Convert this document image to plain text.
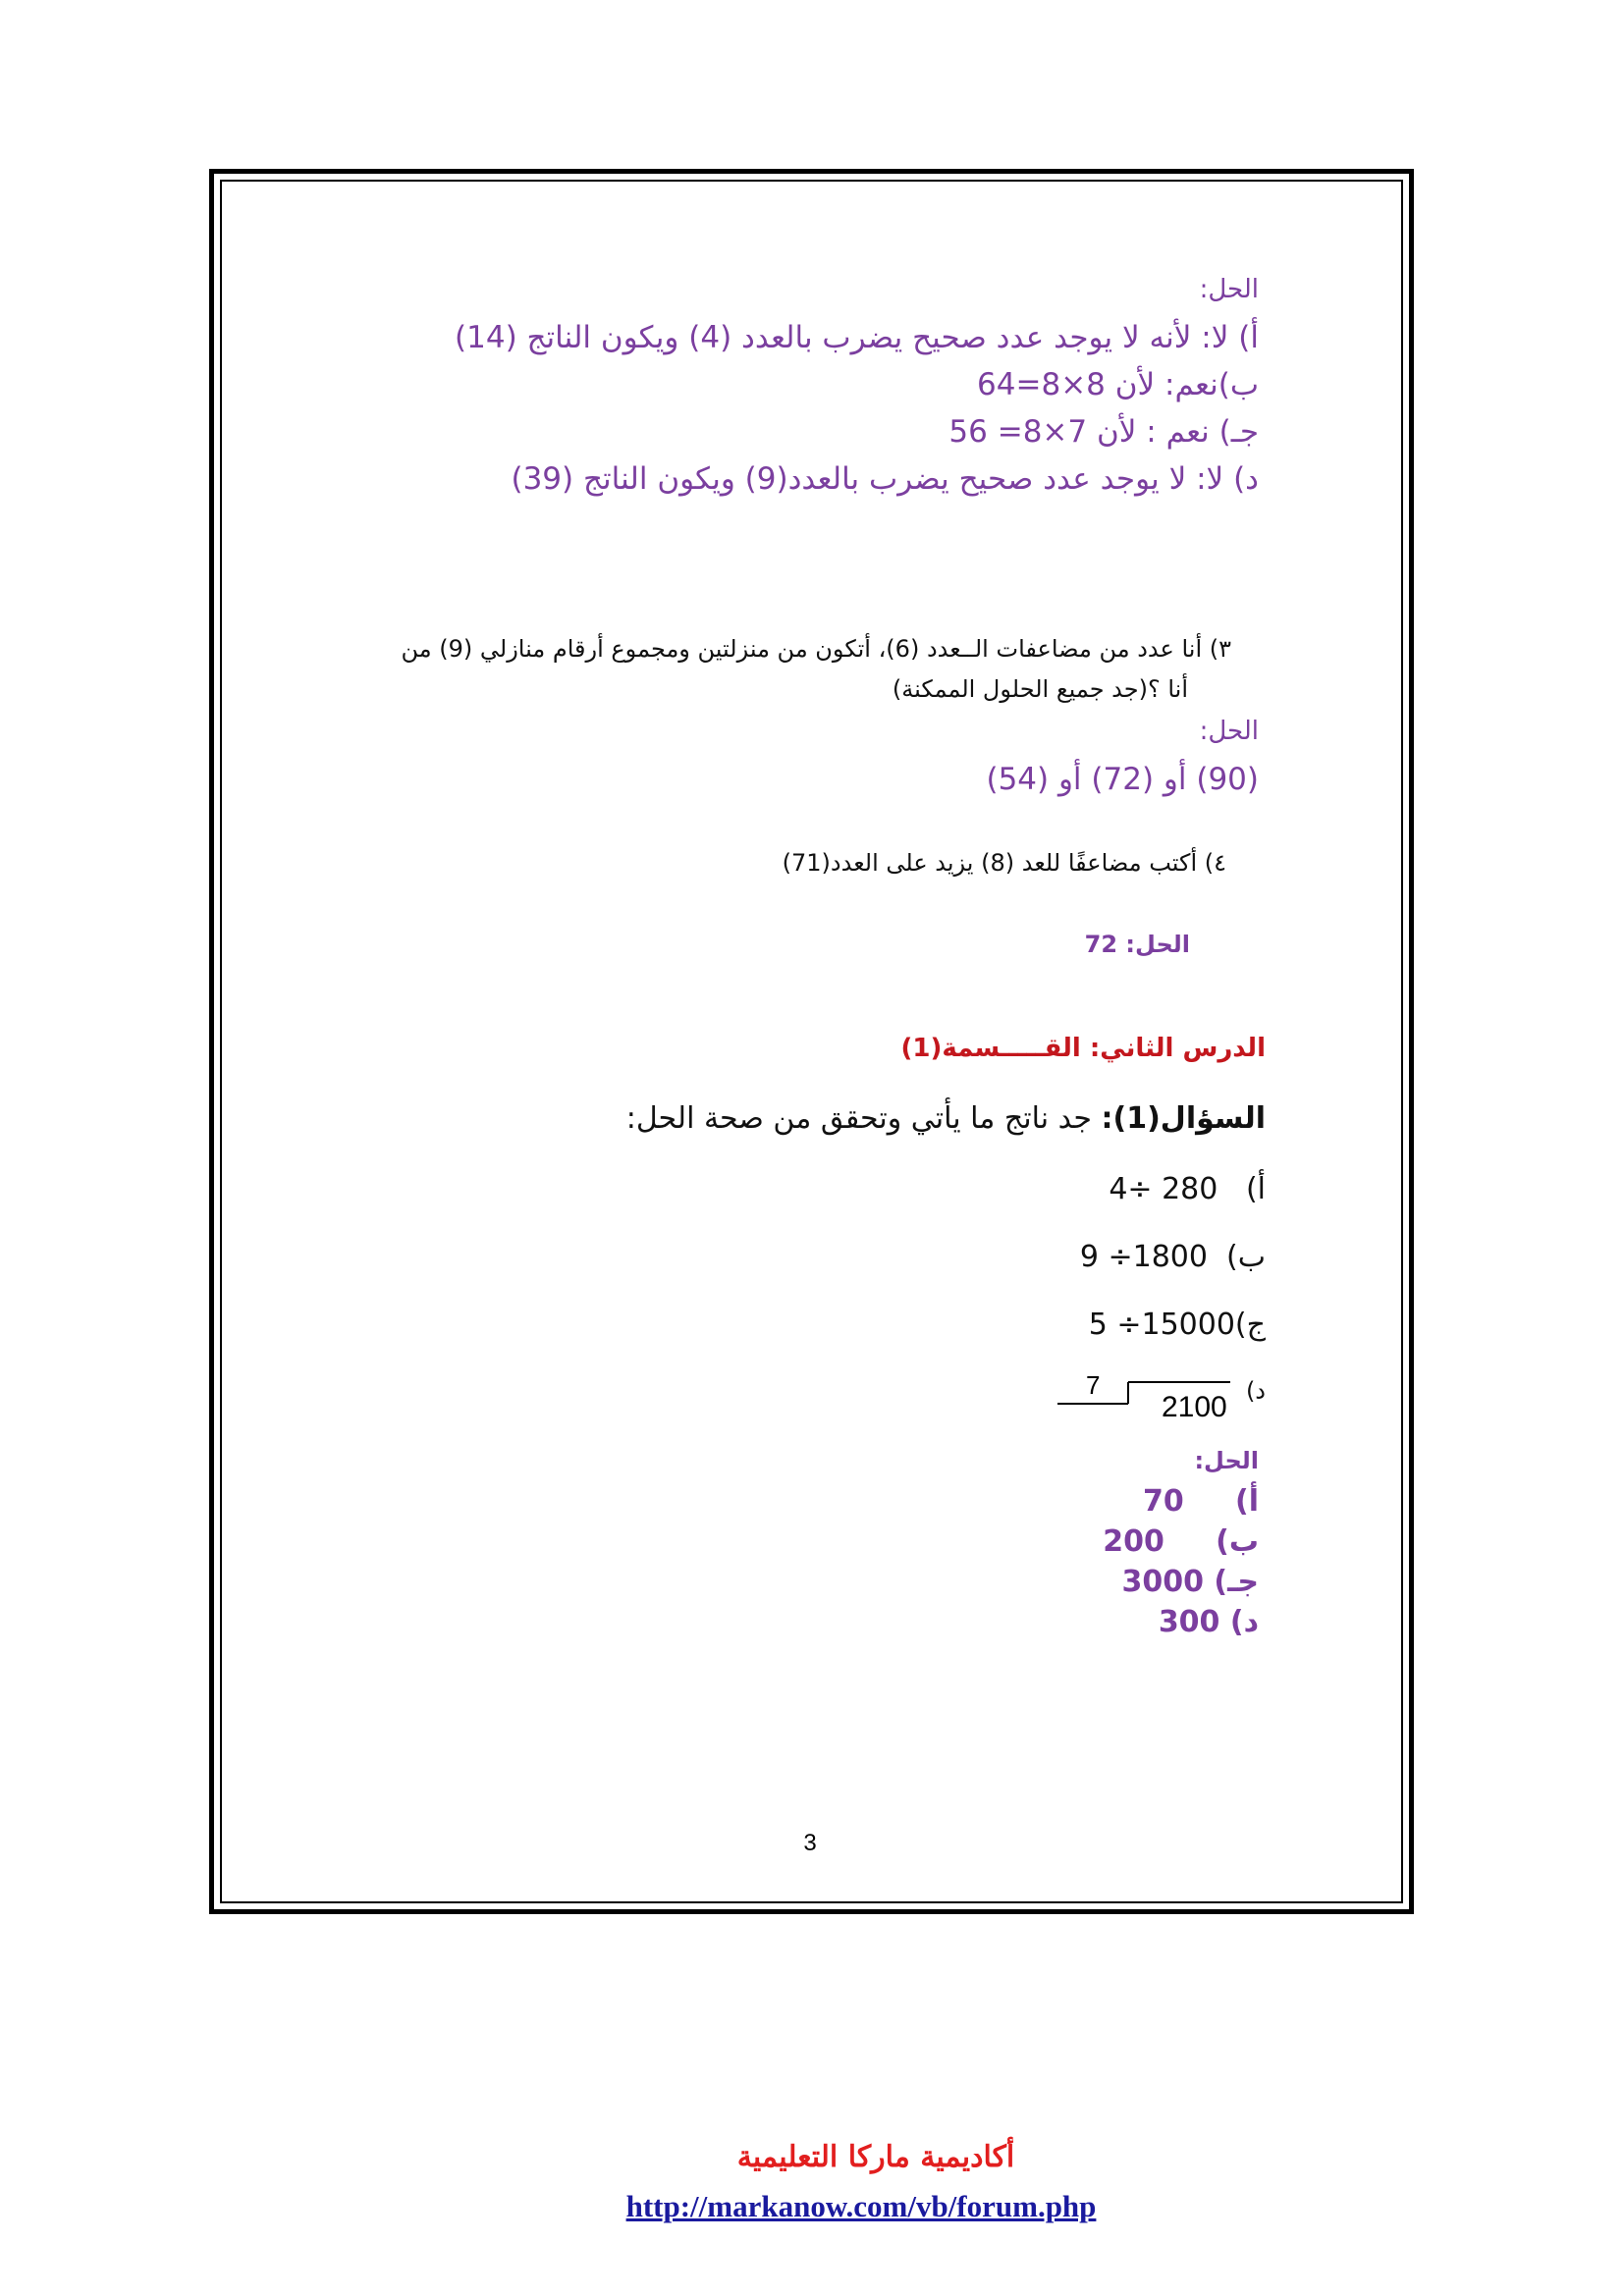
الحل:
أ) لا: لأنه لا يوجد عدد صحيح يضرب بالعدد (4) ويكون الناتج (14)
ب)نعم: لأن 8×8=64
جـ) نعم : لأن 7×8= 56
د) لا: لا يوجد عدد صحيح يضرب بالعدد(9) ويكون الناتج (39)
٣) أنا عدد من مضاعفات الــعدد (6)، أتكون من منزلتين ومجموع أرقام منازلي (9) من
أنا ؟(جد جميع الحلول الممكنة)
الحل:
(90) أو (72) أو (54)
٤) أكتب مضاعفًا للعد (8) يزيد على العدد(71)
الحل: 72
الدرس الثاني: القـــــسمة(1)
السؤال(1): جد ناتج ما يأتي وتحقق من صحة الحل:
أ)   4÷ 280
ب)  9 ÷1800
ج)5 ÷15000
د)
7
2100
الحل:
أ)     70
ب)     200
جـ) 3000
د) 300
3
أكاديمية ماركا التعليمية
http://markanow.com/vb/forum.php
